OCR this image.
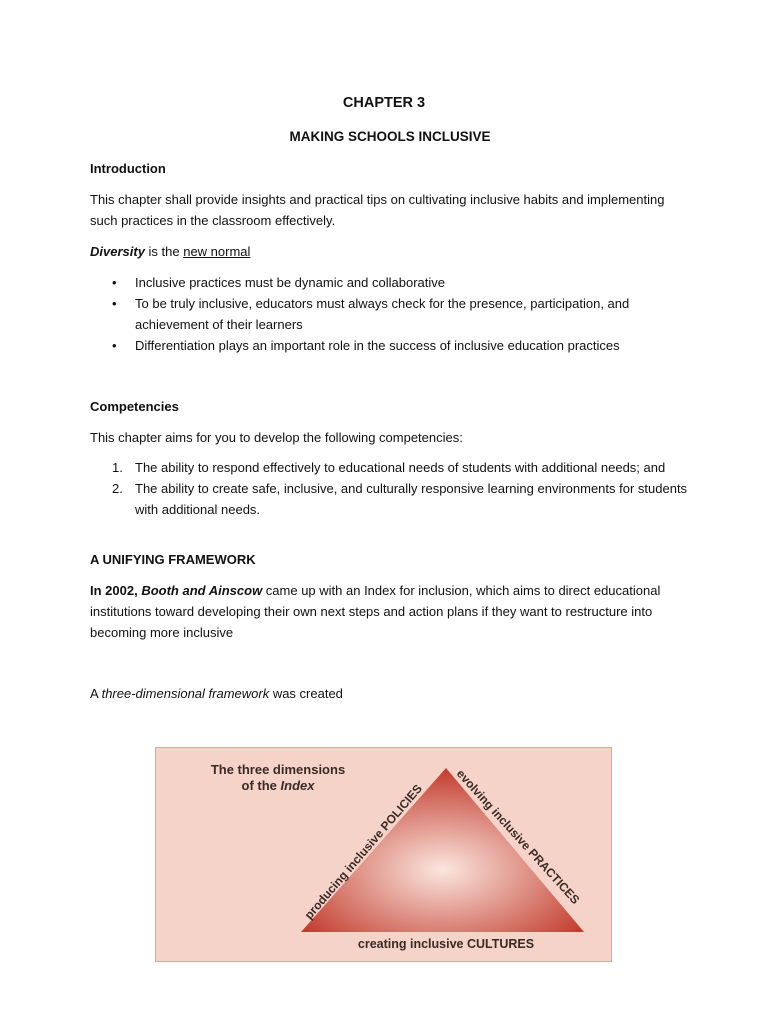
CHAPTER 3
MAKING SCHOOLS INCLUSIVE
Introduction

This chapter shall provide insights and practical tips on cultivating inclusive habits and implementing such practices in the classroom effectively.

Diversity is the new normal

•	Inclusive practices must be dynamic and collaborative
•	To be truly inclusive, educators must always check for the presence, participation, and achievement of their learners
•	Differentiation plays an important role in the success of inclusive education practices
Competencies

This chapter aims for you to develop the following competencies:

1. The ability to respond effectively to educational needs of students with additional needs; and
2. The ability to create safe, inclusive, and culturally responsive learning environments for students with additional needs.
A UNIFYING FRAMEWORK

In 2002, Booth and Ainscow came up with an Index for inclusion, which aims to direct educational institutions toward developing their own next steps and action plans if they want to restructure into becoming more inclusive

A three-dimensional framework was created

producing inclusive POLICIES
evolving inclusive PRACTICES
creating inclusive CULTURES
The three dimensions
of the Index
